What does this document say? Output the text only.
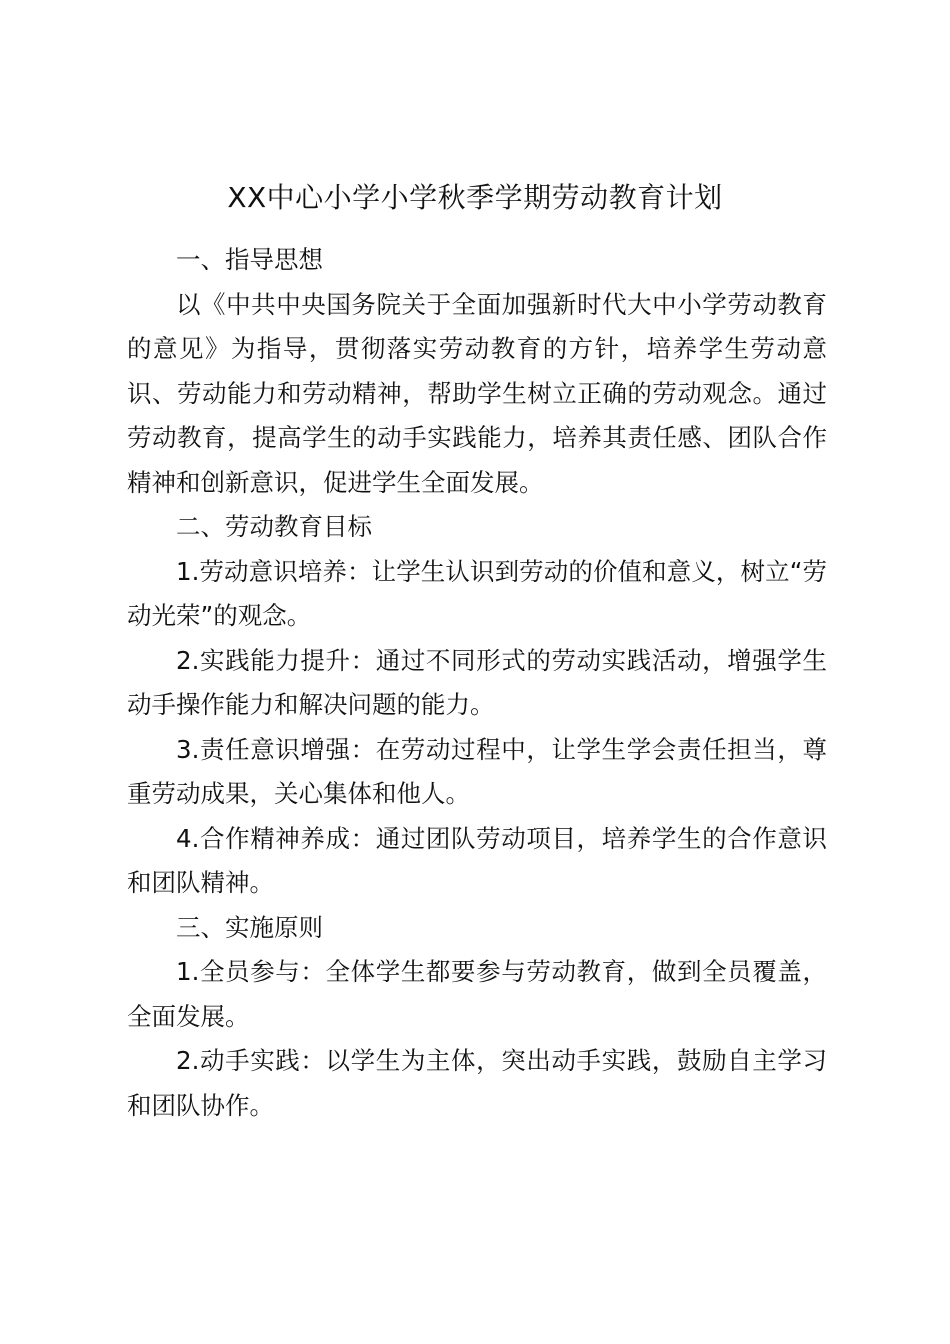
XX中心小学小学秋季学期劳动教育计划

一、指导思想

以《中共中央国务院关于全面加强新时代大中小学劳动教育的意见》为指导，贯彻落实劳动教育的方针，培养学生劳动意识、劳动能力和劳动精神，帮助学生树立正确的劳动观念。通过劳动教育，提高学生的动手实践能力，培养其责任感、团队合作精神和创新意识，促进学生全面发展。

二、劳动教育目标

1.劳动意识培养：让学生认识到劳动的价值和意义，树立“劳动光荣”的观念。

2.实践能力提升：通过不同形式的劳动实践活动，增强学生动手操作能力和解决问题的能力。

3.责任意识增强：在劳动过程中，让学生学会责任担当，尊重劳动成果，关心集体和他人。

4.合作精神养成：通过团队劳动项目，培养学生的合作意识和团队精神。

三、实施原则

1.全员参与：全体学生都要参与劳动教育，做到全员覆盖，全面发展。

2.动手实践：以学生为主体，突出动手实践，鼓励自主学习和团队协作。
